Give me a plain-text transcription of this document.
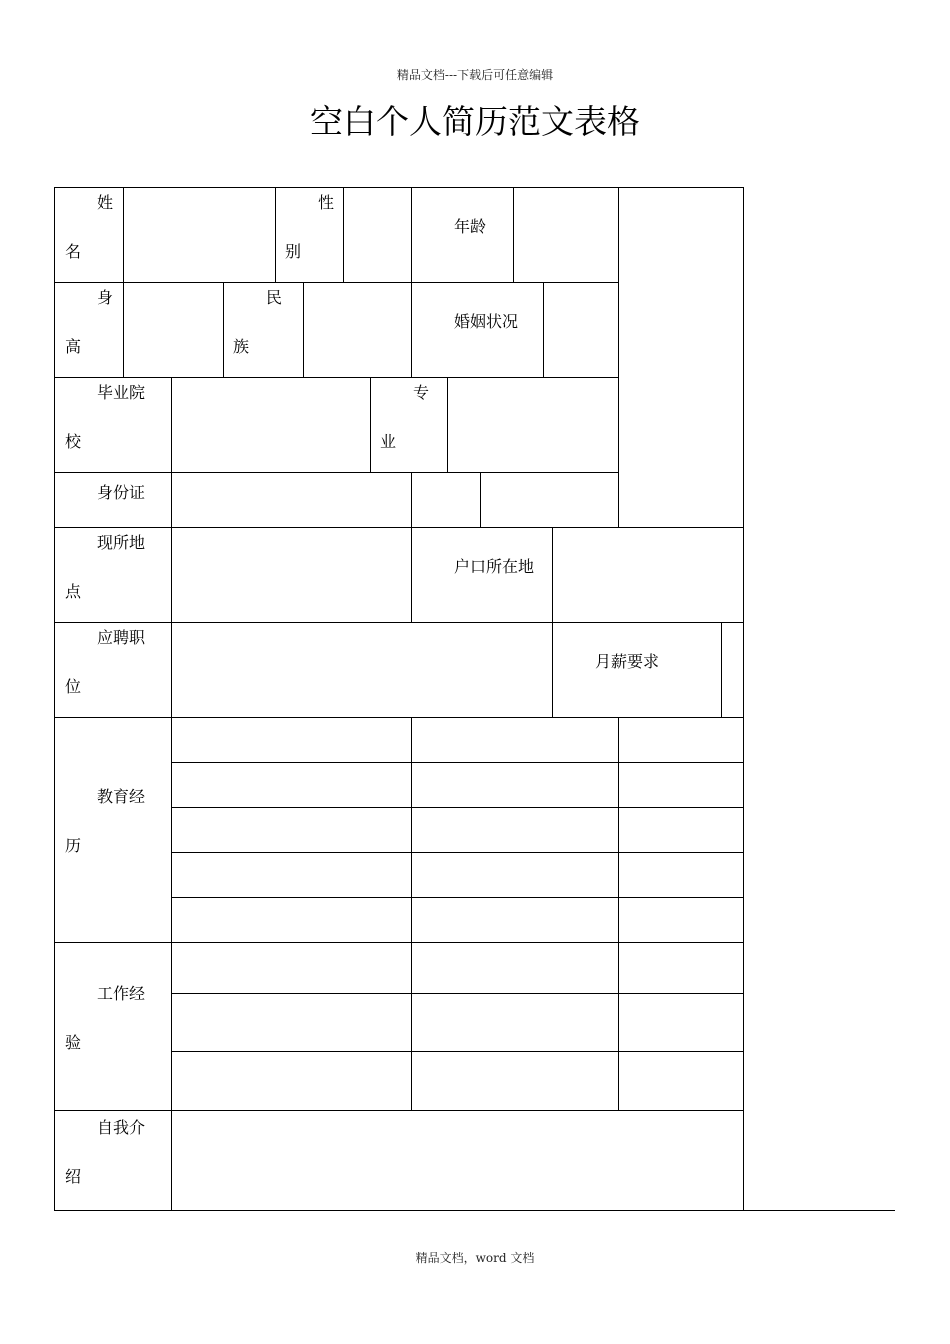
精品文档---下载后可任意编辑
空白个人简历范文表格
姓
名
性
别
年龄
身
高
民
族
婚姻状况
毕业院
校
专
业
身份证
现所地
点
户口所在地
应聘职
位
月薪要求
教育经
历
工作经
验
自我介
绍
精品文档，word 文档
